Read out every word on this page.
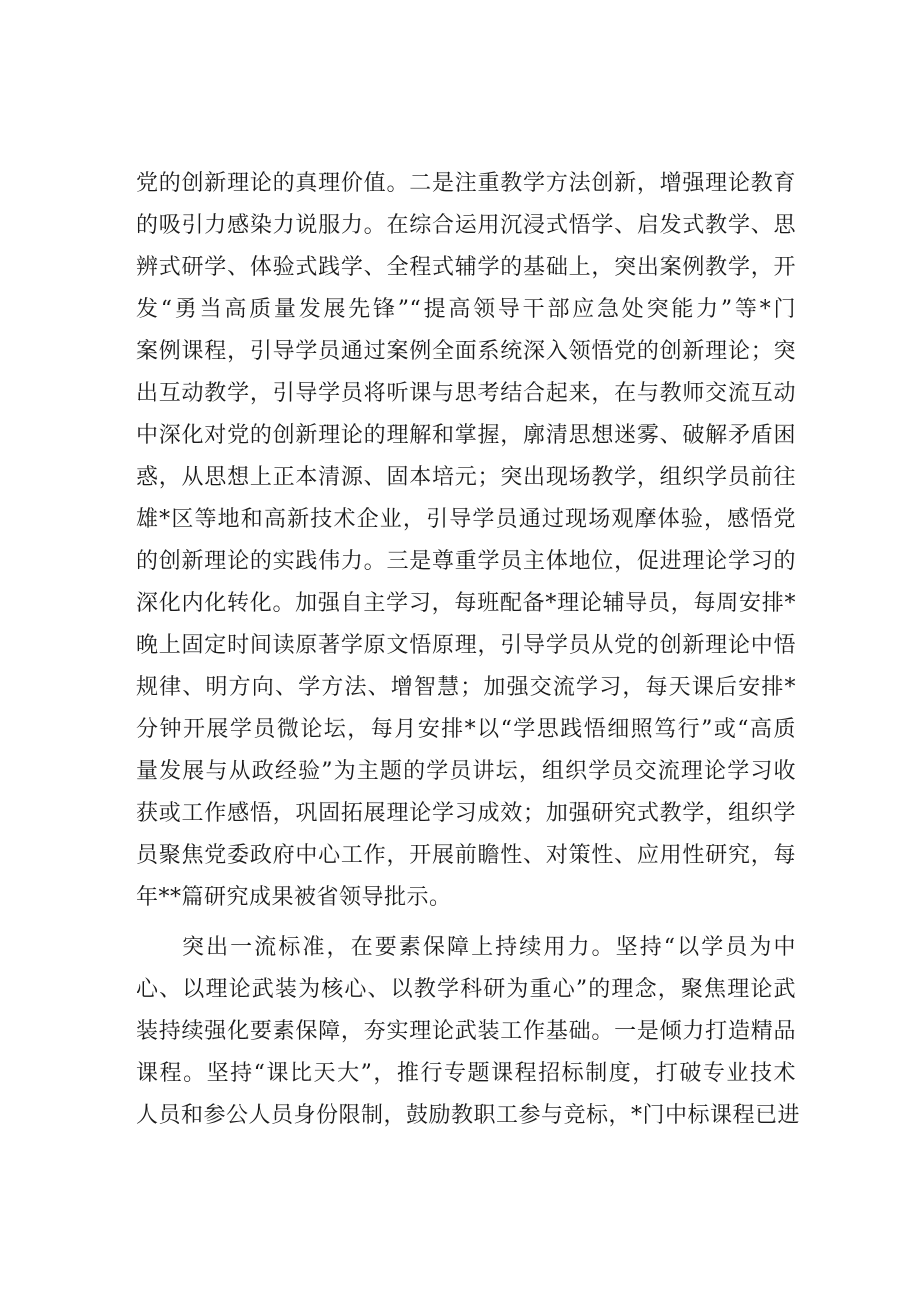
党的创新理论的真理价值。二是注重教学方法创新，增强理论教育
的吸引力感染力说服力。在综合运用沉浸式悟学、启发式教学、思
辨式研学、体验式践学、全程式辅学的基础上，突出案例教学，开
发“勇当高质量发展先锋”“提高领导干部应急处突能力”等*门
案例课程，引导学员通过案例全面系统深入领悟党的创新理论；突
出互动教学，引导学员将听课与思考结合起来，在与教师交流互动
中深化对党的创新理论的理解和掌握，廓清思想迷雾、破解矛盾困
惑，从思想上正本清源、固本培元；突出现场教学，组织学员前往
雄*区等地和高新技术企业，引导学员通过现场观摩体验，感悟党
的创新理论的实践伟力。三是尊重学员主体地位，促进理论学习的
深化内化转化。加强自主学习，每班配备*理论辅导员，每周安排*
晚上固定时间读原著学原文悟原理，引导学员从党的创新理论中悟
规律、明方向、学方法、增智慧；加强交流学习，每天课后安排*
分钟开展学员微论坛，每月安排*以“学思践悟细照笃行”或“高质
量发展与从政经验”为主题的学员讲坛，组织学员交流理论学习收
获或工作感悟，巩固拓展理论学习成效；加强研究式教学，组织学
员聚焦党委政府中心工作，开展前瞻性、对策性、应用性研究，每
年**篇研究成果被省领导批示。
突出一流标准，在要素保障上持续用力。坚持“以学员为中
心、以理论武装为核心、以教学科研为重心”的理念，聚焦理论武
装持续强化要素保障，夯实理论武装工作基础。一是倾力打造精品
课程。坚持“课比天大”，推行专题课程招标制度，打破专业技术
人员和参公人员身份限制，鼓励教职工参与竞标，*门中标课程已进
